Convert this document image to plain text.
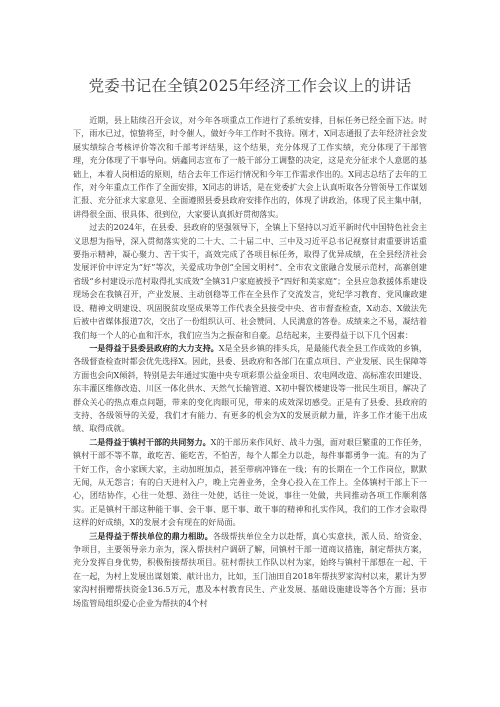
党委书记在全镇2025年经济工作会议上的讲话

近期，县上陆续召开会议，对今年各项重点工作进行了系统安排，目标任务已经全面下达。时下，雨水已过，惊蛰将至，时令催人，做好今年工作时不我待。刚才，X同志通报了去年经济社会发展实绩综合考核评价等次和千部考评结果，这个结果，充分体现了工作实绩，充分体现了干部管理，充分体现了干事导向。炳鑫同志宣布了一般干部分工调整的决定，这是充分征求个人意愿的基础上，本着人岗相适的原则，结合去年工作运行情况和今年工作需求作出的。X同志总结了去年的工作，对今年重点工作作了全面安排，X同志的讲话，是在党委扩大会上认真听取各分管领导工作谋划汇报、充分征求大家意见、全面遵照县委县政府安排作出的，体现了讲政治，体现了民主集中制，讲得很全面、很具体、很到位，大家要认真抓好贯彻落实。

过去的2024年，在县委、县政府的坚强领导下，全镇上下坚持以习近平新时代中国特色社会主义思想为指导，深入贯彻落实党的二十大、二十届二中、三中及习近平总书记视察甘肃重要讲话重要指示精神，凝心聚力、苦干实干，高效完成了各项目标任务，取得了优异成绩，在全县经济社会发展评价中评定为“好”等次，关爱成功争创“全国文明村”、全市农文旅融合发展示范村，高寨创建省级“乡村建设示范村取得扎实成效”全镇31户家庭被授予“四好和美家庭”；全县应急救援体系建设现场会在我镇召开，产业发展、主动创稳等工作在全县作了交流发言，党纪学习教育、党风廉政建设、精神文明建设、巩固脱贫攻坚成果等工作代表全县接受中央、省市督查检查，X动态、X做法先后被中省媒体报道7次，交出了一份组织认可、社会赞同、人民满意的答卷。成绩来之不易，凝结着我们每一个人的心血和汗水，我们应当为之振奋和自豪。总结起来，主要得益于以下几个因素：

一是得益于县委县政府的大力支持。X是全县乡镇的排头兵，是最能代表全县工作成效的乡镇，各级督查检查时都会优先选择X。因此，县委、县政府和各部门在重点项目、产业发展、民生保障等方面也会向X倾斜，特别是去年通过实施中央专项彩票公益金项目、农电网改造、高标准农田建设、东丰灌区维修改造、川区一体化供水、天然气长输管道、X初中餐饮楼建设等一批民生项目，解决了群众关心的热点难点问题，带来的变化肉眼可见，带来的成效深切感受。正是有了县委、县政府的支持、各级领导的关爱，我们才有能力、有更多的机会为X的发展贡献力量，许多工作才能干出成绩、取得成就。

二是得益于镇村干部的共同努力。X的干部历来作风好、战斗力强，面对艰巨繁重的工作任务，镇村干部不等不靠，敢吃苦、能吃苦，不怕苦，每个人都全力以赴，每件事都勇争一流。有的为了干好工作，舍小家顾大家，主动加班加点，甚至带病冲锋在一线；有的长期在一个工作岗位，默默无闻，从无怨言；有的白天进村入户，晚上完善业务，全身心投入在工作上。全体镇村干部上下一心，团结协作，心往一处想、劲往一处使，话往一处说，事往一处做，共同推动各项工作顺利落实。正是镇村干部这种能干事、会干事、愿干事、敢干事的精神和扎实作风，我们的工作才会取得这样的好成绩，X的发展才会有现在的好局面。

三是得益于帮扶单位的鼎力相助。各级帮扶单位全力以赴帮，真心实意扶，派人员、给资金、争项目，主要领导亲力亲为，深入帮扶村户调研了解，同镇村干部一道商议措施，制定帮扶方案，充分发挥自身优势，积极衔接帮扶项目。驻村帮扶工作队以村为家，始终与镇村干部想在一起、干在一起，为村上发展出谋划策、献计出力，比如，玉门油田自2018年帮扶罗家沟村以来，累计为罗家沟村捐赠帮扶资金136.5万元，惠及本村教育民生、产业发展、基础设施建设等各个方面；县市场监管局组织爱心企业为帮扶的4个村
